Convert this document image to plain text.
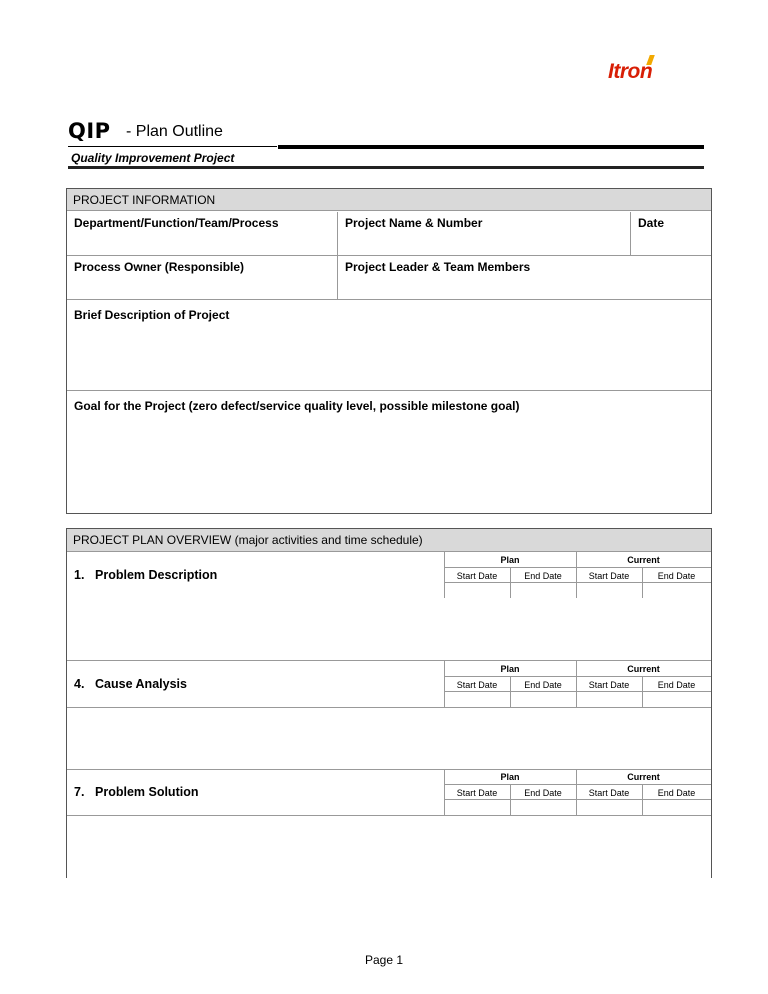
Itron
QIP - Plan Outline
Quality Improvement Project
PROJECT INFORMATION
Department/Function/Team/Process	Project Name & Number	Date
Process Owner (Responsible)	Project Leader & Team Members
Brief Description of Project
Goal for the Project (zero defect/service quality level, possible milestone goal)
PROJECT PLAN OVERVIEW (major activities and time schedule)
1. Problem Description
Plan	Current
Start Date	End Date	Start Date	End Date
4. Cause Analysis
Plan	Current
Start Date	End Date	Start Date	End Date
7. Problem Solution
Plan	Current
Start Date	End Date	Start Date	End Date
Page 1
